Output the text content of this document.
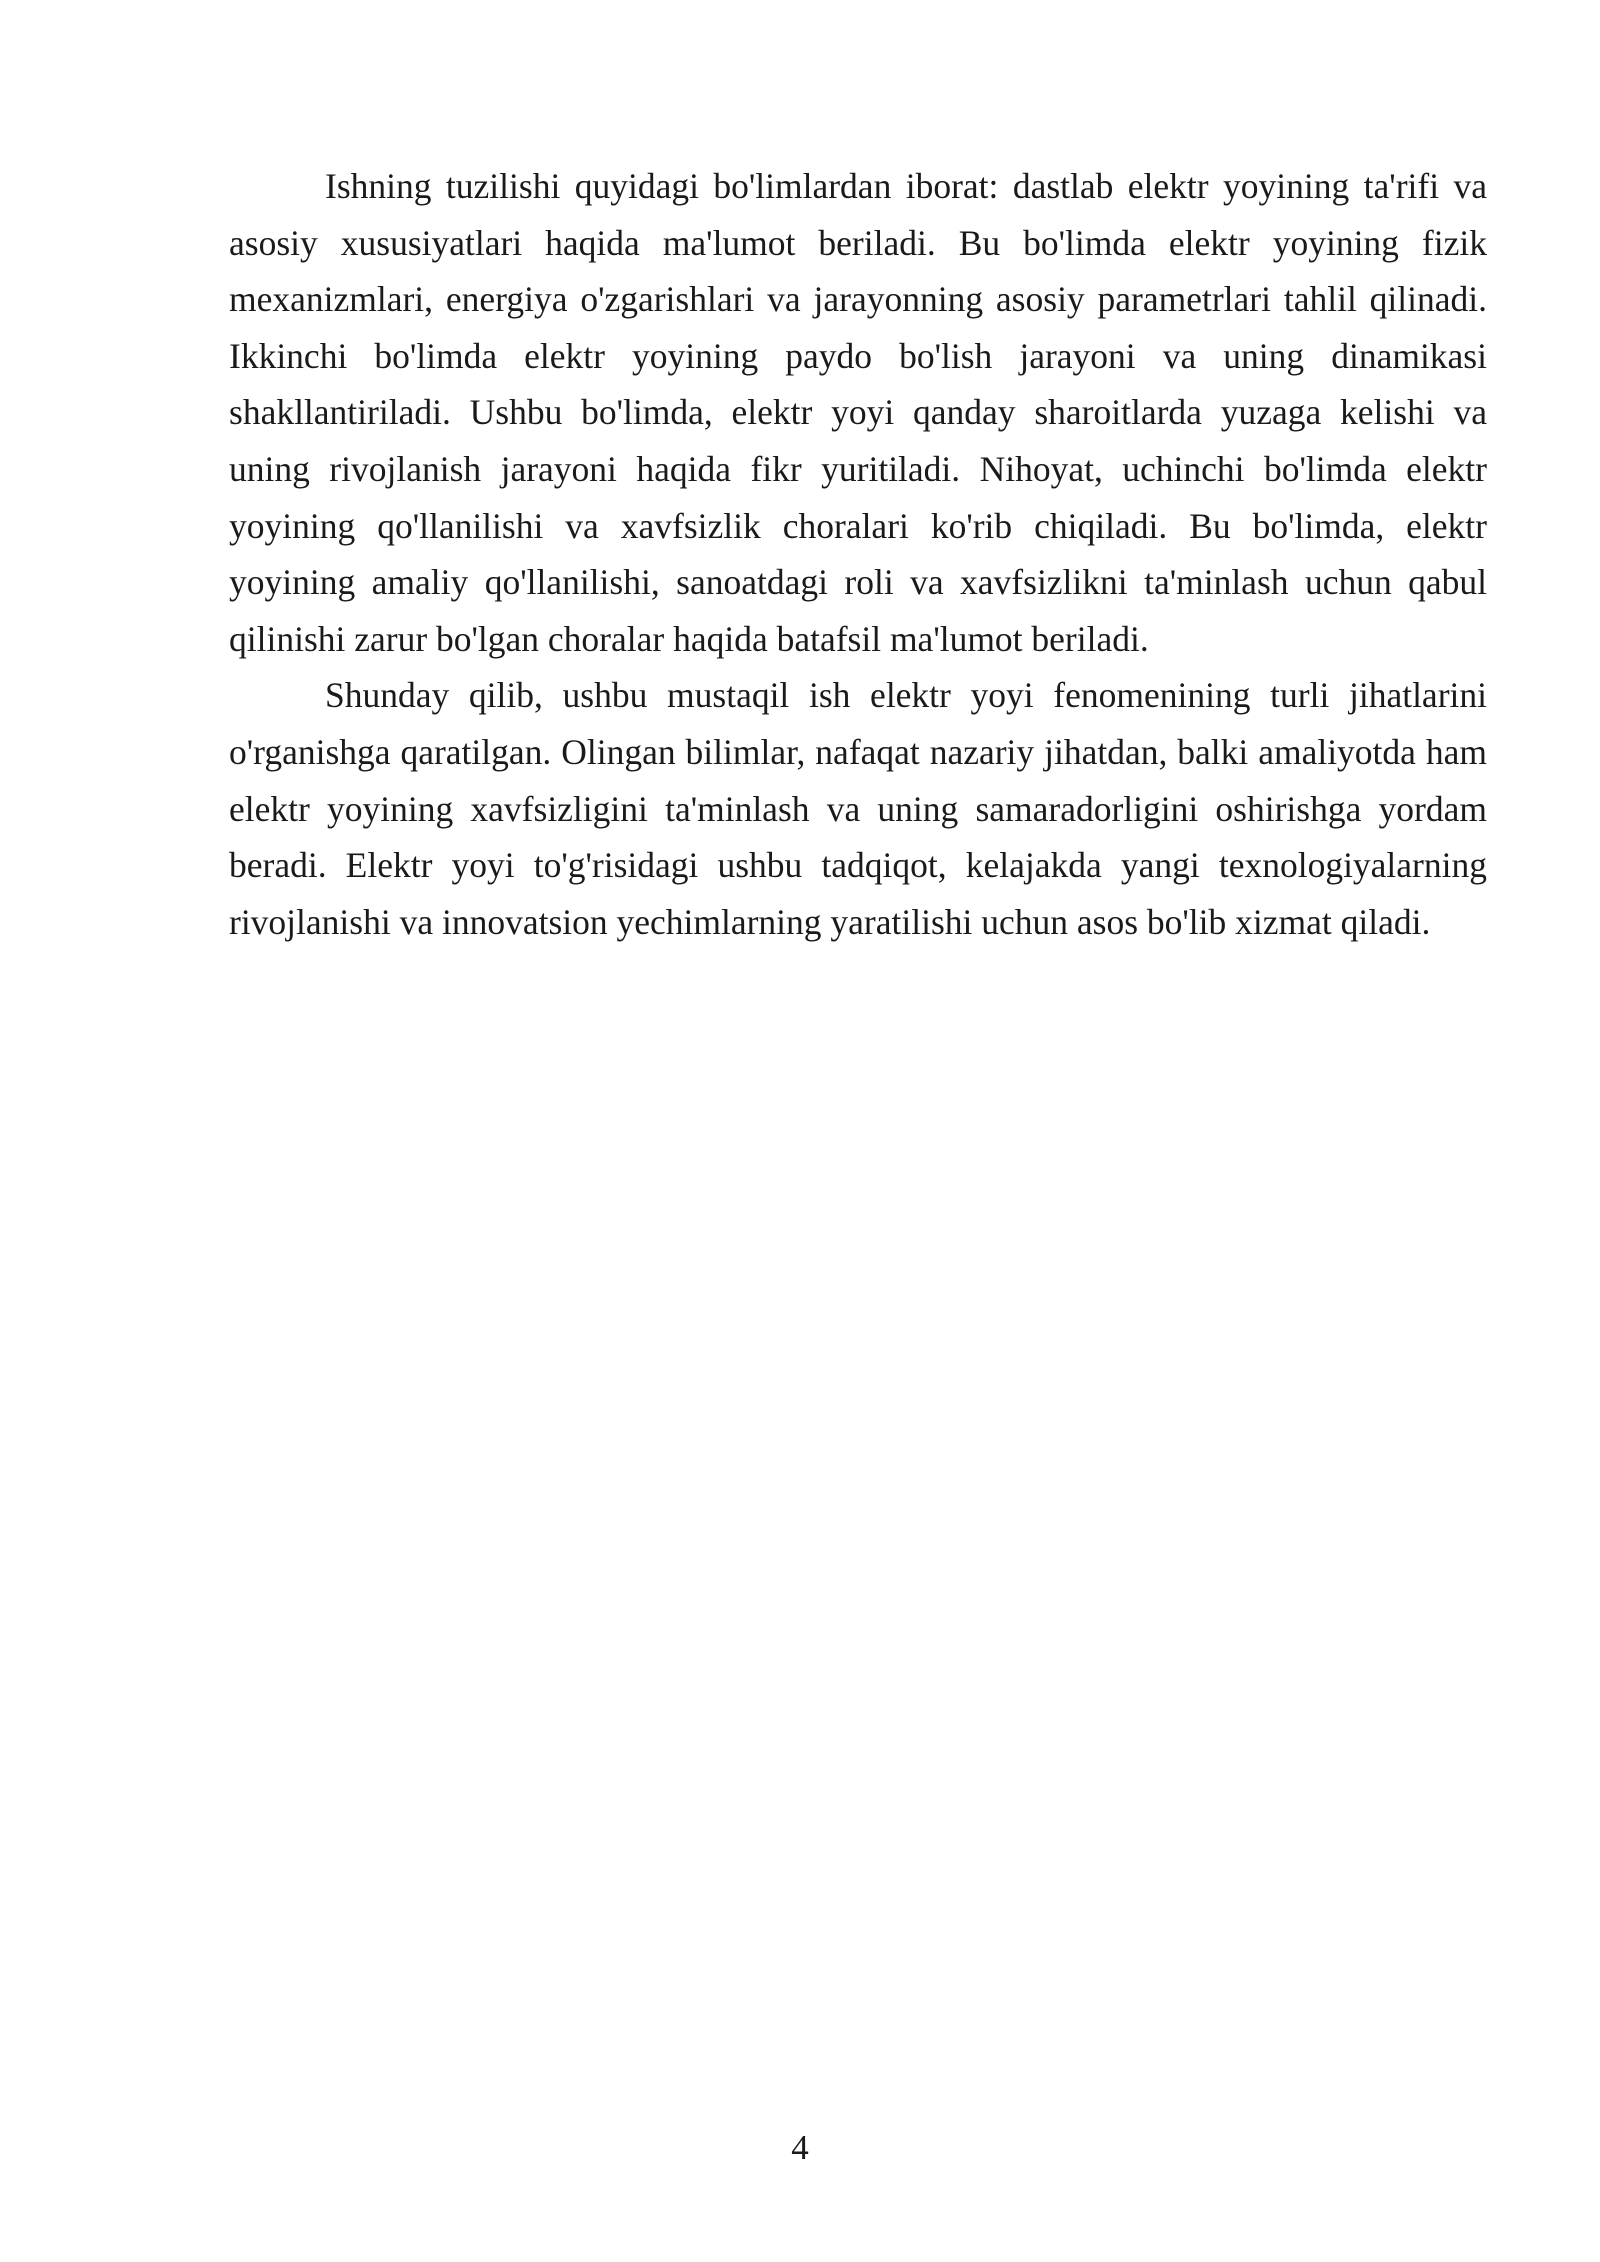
Ishning tuzilishi quyidagi bo'limlardan iborat: dastlab elektr yoyining ta'rifi va asosiy xususiyatlari haqida ma'lumot beriladi. Bu bo'limda elektr yoyining fizik mexanizmlari, energiya o'zgarishlari va jarayonning asosiy parametrlari tahlil qilinadi. Ikkinchi bo'limda elektr yoyining paydo bo'lish jarayoni va uning dinamikasi shakllantiriladi. Ushbu bo'limda, elektr yoyi qanday sharoitlarda yuzaga kelishi va uning rivojlanish jarayoni haqida fikr yuritiladi. Nihoyat, uchinchi bo'limda elektr yoyining qo'llanilishi va xavfsizlik choralari ko'rib chiqiladi. Bu bo'limda, elektr yoyining amaliy qo'llanilishi, sanoatdagi roli va xavfsizlikni ta'minlash uchun qabul qilinishi zarur bo'lgan choralar haqida batafsil ma'lumot beriladi.

Shunday qilib, ushbu mustaqil ish elektr yoyi fenomenining turli jihatlarini o'rganishga qaratilgan. Olingan bilimlar, nafaqat nazariy jihatdan, balki amaliyotda ham elektr yoyining xavfsizligini ta'minlash va uning samaradorligini oshirishga yordam beradi. Elektr yoyi to'g'risidagi ushbu tadqiqot, kelajakda yangi texnologiyalarning rivojlanishi va innovatsion yechimlarning yaratilishi uchun asos bo'lib xizmat qiladi.

4
